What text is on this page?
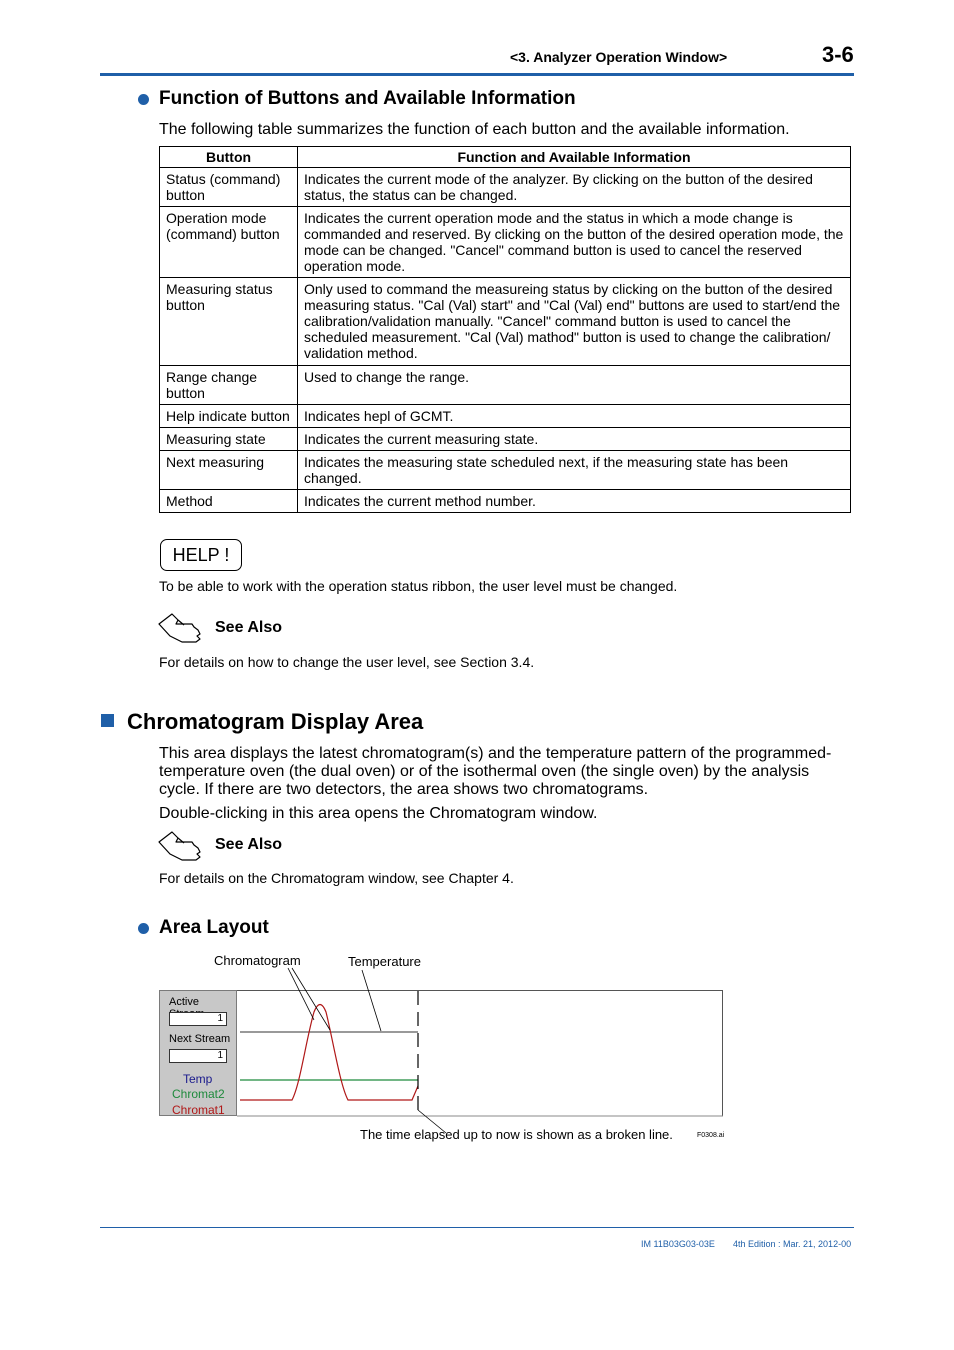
<3. Analyzer Operation Window>	3-6
Function of Buttons and Available Information
The following table summarizes the function of each button and the available information.
Button	Function and Available Information
Status (command) button	Indicates the current mode of the analyzer. By clicking on the button of the desired status, the status can be changed.
Operation mode (command) button	Indicates the current operation mode and the status in which a mode change is commanded and reserved. By clicking on the button of the desired operation mode, the mode can be changed. "Cancel" command button is used to cancel the reserved operation mode.
Measuring status button	Only used to command the measureing status by clicking on the button of the desired measuring status. "Cal (Val) start" and "Cal (Val) end" buttons are used to start/end the calibration/validation manually. "Cancel" command button is used to cancel the scheduled measurement. "Cal (Val) mathod" button is used to change the calibration/ validation method.
Range change button	Used to change the range.
Help indicate button	Indicates hepl of GCMT.
Measuring state	Indicates the current measuring state.
Next measuring	Indicates the measuring state scheduled next, if the measuring state has been changed.
Method	Indicates the current method number.
HELP !
To be able to work with the operation status ribbon, the user level must be changed.
See Also
For details on how to change the user level, see Section 3.4.
Chromatogram Display Area
This area displays the latest chromatogram(s) and the temperature pattern of the programmed-temperature oven (the dual oven) or of the isothermal oven (the single oven) by the analysis cycle. If there are two detectors, the area shows two chromatograms.
Double-clicking in this area opens the Chromatogram window.
See Also
For details on the Chromatogram window, see Chapter 4.
Area Layout
Chromatogram	Temperature
Active
1
Next Stream
1
Temp
Chromat2
Chromat1
The time elapsed up to now is shown as a broken line.	F0308.ai
IM 11B03G03-03E 4th Edition : Mar. 21, 2012-00
